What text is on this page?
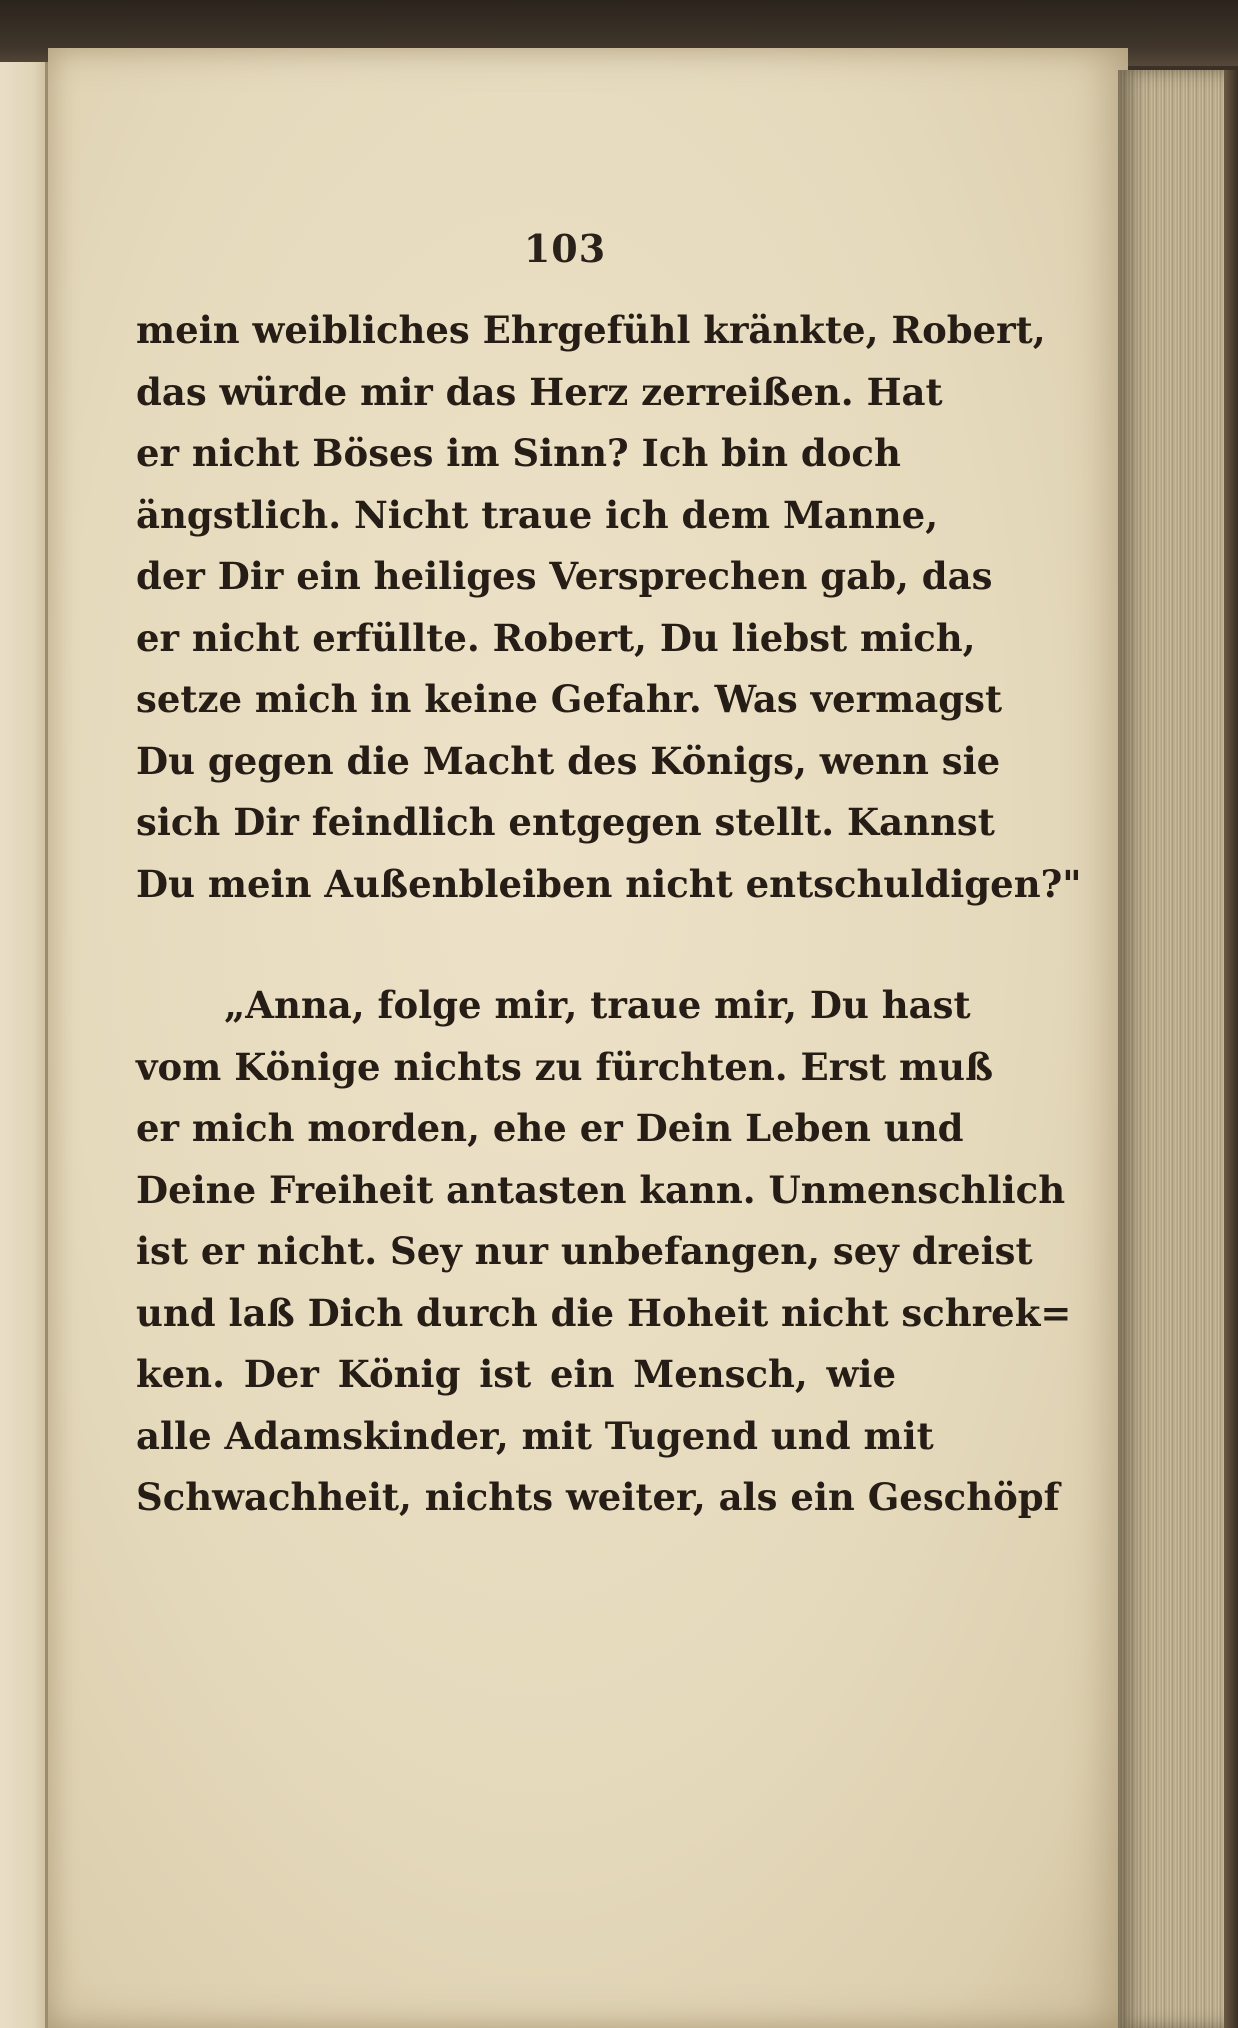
103
mein weibliches Ehrgefühl kränkte, Robert,
das würde mir das Herz zerreißen. Hat
er nicht Böses im Sinn? Ich bin doch
ängstlich. Nicht traue ich dem Manne,
der Dir ein heiliges Versprechen gab, das
er nicht erfüllte. Robert, Du liebst mich,
setze mich in keine Gefahr. Was vermagst
Du gegen die Macht des Königs, wenn sie
sich Dir feindlich entgegen stellt. Kannst
Du mein Außenbleiben nicht entschuldigen?"
„Anna, folge mir, traue mir, Du hast
vom Könige nichts zu fürchten. Erst muß
er mich morden, ehe er Dein Leben und
Deine Freiheit antasten kann. Unmenschlich
ist er nicht. Sey nur unbefangen, sey dreist
und laß Dich durch die Hoheit nicht schrek=
ken. Der König ist ein Mensch, wie
alle Adamskinder, mit Tugend und mit
Schwachheit, nichts weiter, als ein Geschöpf
